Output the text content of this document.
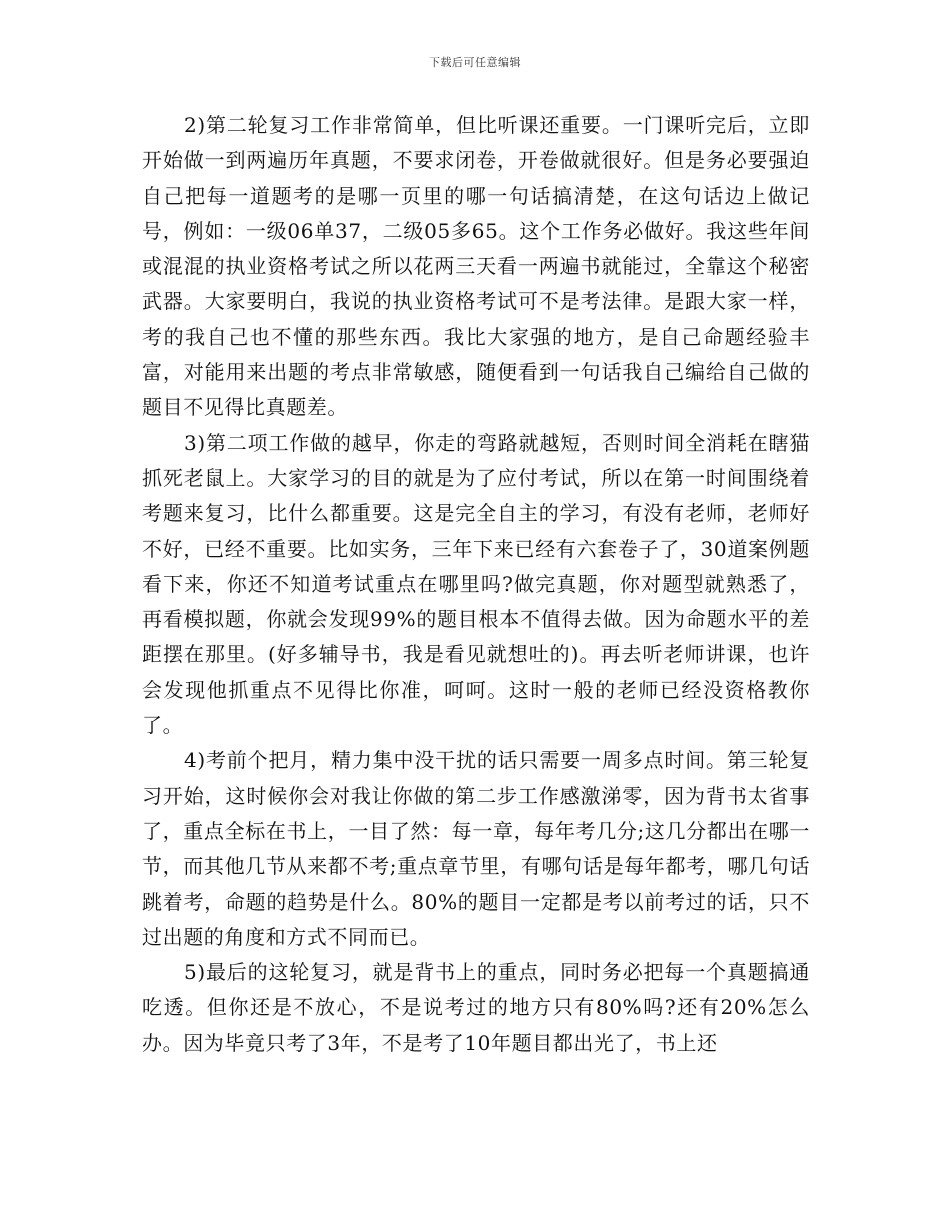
下载后可任意编辑

2)第二轮复习工作非常简单，但比听课还重要。一门课听完后，立即开始做一到两遍历年真题，不要求闭卷，开卷做就很好。但是务必要强迫自己把每一道题考的是哪一页里的哪一句话搞清楚，在这句话边上做记号，例如：一级06单37，二级05多65。这个工作务必做好。我这些年间或混混的执业资格考试之所以花两三天看一两遍书就能过，全靠这个秘密武器。大家要明白，我说的执业资格考试可不是考法律。是跟大家一样，考的我自己也不懂的那些东西。我比大家强的地方，是自己命题经验丰富，对能用来出题的考点非常敏感，随便看到一句话我自己编给自己做的题目不见得比真题差。

3)第二项工作做的越早，你走的弯路就越短，否则时间全消耗在瞎猫抓死老鼠上。大家学习的目的就是为了应付考试，所以在第一时间围绕着考题来复习，比什么都重要。这是完全自主的学习，有没有老师，老师好不好，已经不重要。比如实务，三年下来已经有六套卷子了，30道案例题看下来，你还不知道考试重点在哪里吗?做完真题，你对题型就熟悉了，再看模拟题，你就会发现99%的题目根本不值得去做。因为命题水平的差距摆在那里。(好多辅导书，我是看见就想吐的)。再去听老师讲课，也许会发现他抓重点不见得比你准，呵呵。这时一般的老师已经没资格教你了。

4)考前个把月，精力集中没干扰的话只需要一周多点时间。第三轮复习开始，这时候你会对我让你做的第二步工作感激涕零，因为背书太省事了，重点全标在书上，一目了然：每一章，每年考几分;这几分都出在哪一节，而其他几节从来都不考;重点章节里，有哪句话是每年都考，哪几句话跳着考，命题的趋势是什么。80%的题目一定都是考以前考过的话，只不过出题的角度和方式不同而已。

5)最后的这轮复习，就是背书上的重点，同时务必把每一个真题搞通吃透。但你还是不放心，不是说考过的地方只有80%吗?还有20%怎么办。因为毕竟只考了3年，不是考了10年题目都出光了，书上还
